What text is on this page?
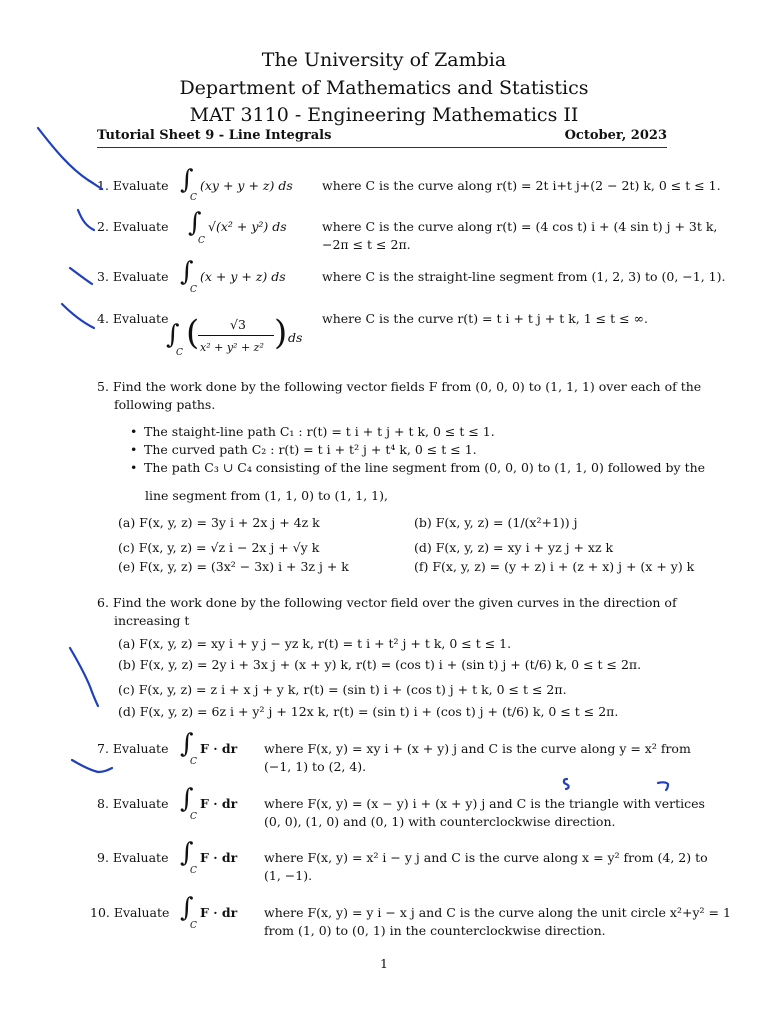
The University of Zambia
Department of Mathematics and Statistics
MAT 3110 - Engineering Mathematics II
Tutorial Sheet 9 - Line Integrals	October, 2023
1. Evaluate ∫
C
(xy + y + z) ds where C is the curve along r(t) = 2t i+t j+(2 − 2t) k, 0 ≤ t ≤ 1.
2. Evaluate ∫
C
√(x² + y²) ds	where C is the curve along r(t) = (4 cos t) i + (4 sin t) j + 3t k,
−2π ≤ t ≤ 2π.
3. Evaluate ∫
C
(x + y + z) ds	where C is the straight-line segment from (1, 2, 3) to (0, −1, 1).
4. Evaluate
∫
C ( √3
x² + y² + z² ) ds
where C is the curve r(t) = t i + t j + t k, 1 ≤ t ≤ ∞.
5. Find the work done by the following vector fields F from (0, 0, 0) to (1, 1, 1) over each of the
following paths.
• The staight-line path C₁ : r(t) = t i + t j + t k, 0 ≤ t ≤ 1.
• The curved path C₂ : r(t) = t i + t² j + t⁴ k, 0 ≤ t ≤ 1.
• The path C₃ ∪ C₄ consisting of the line segment from (0, 0, 0) to (1, 1, 0) followed by the
line segment from (1, 1, 0) to (1, 1, 1),
(a) F(x, y, z) = 3y i + 2x j + 4z k	(b) F(x, y, z) = (1/(x²+1)) j
(c) F(x, y, z) = √z i − 2x j + √y k	(d) F(x, y, z) = xy i + yz j + xz k
(e) F(x, y, z) = (3x² − 3x) i + 3z j + k	(f) F(x, y, z) = (y + z) i + (z + x) j + (x + y) k
6. Find the work done by the following vector field over the given curves in the direction of
increasing t
(a) F(x, y, z) = xy i + y j − yz k, r(t) = t i + t² j + t k, 0 ≤ t ≤ 1.
(b) F(x, y, z) = 2y i + 3x j + (x + y) k, r(t) = (cos t) i + (sin t) j + (t/6) k, 0 ≤ t ≤ 2π.
(c) F(x, y, z) = z i + x j + y k, r(t) = (sin t) i + (cos t) j + t k, 0 ≤ t ≤ 2π.
(d) F(x, y, z) = 6z i + y² j + 12x k, r(t) = (sin t) i + (cos t) j + (t/6) k, 0 ≤ t ≤ 2π.
7. Evaluate ∫
C
F · dr where F(x, y) = xy i + (x + y) j and C is the curve along y = x² from
(−1, 1) to (2, 4).
8. Evaluate ∫
C
F · dr where F(x, y) = (x − y) i + (x + y) j and C is the triangle with vertices
(0, 0), (1, 0) and (0, 1) with counterclockwise direction.
9. Evaluate ∫
C
F · dr where F(x, y) = x² i − y j and C is the curve along x = y² from (4, 2) to
(1, −1).
10. Evaluate ∫
C
F · dr where F(x, y) = y i − x j and C is the curve along the unit circle x²+y² = 1
from (1, 0) to (0, 1) in the counterclockwise direction.
1
